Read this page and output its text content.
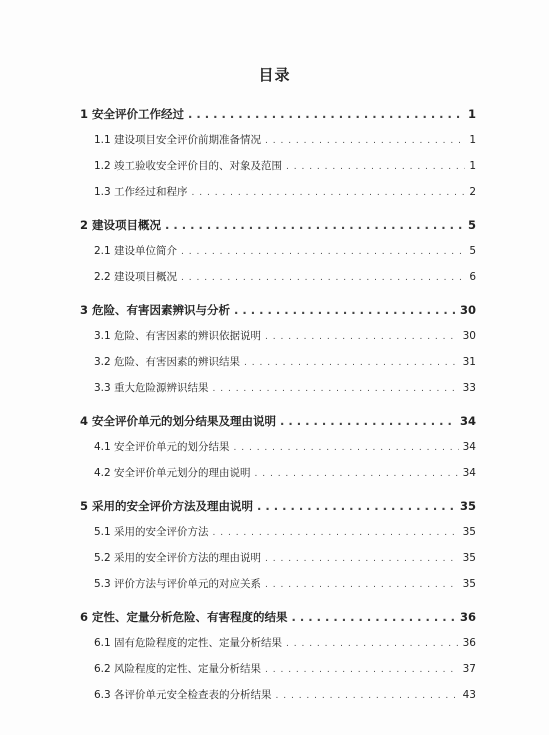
目录
1 安全评价工作经过 . . .	1
1.1 建设项目安全评价前期准备情况 . . .	1
1.2 竣工验收安全评价目的、对象及范围 . . .	1
1.3 工作经过和程序 . . .	2
2 建设项目概况 . . .	5
2.1 建设单位简介 . . .	5
2.2 建设项目概况 . . .	6
3 危险、有害因素辨识与分析 . . .	30
3.1 危险、有害因素的辨识依据说明 . . .	30
3.2 危险、有害因素的辨识结果 . . .	31
3.3 重大危险源辨识结果 . . .	33
4 安全评价单元的划分结果及理由说明 . . .	34
4.1 安全评价单元的划分结果 . . .	34
4.2 安全评价单元划分的理由说明 . . .	34
5 采用的安全评价方法及理由说明 . . .	35
5.1 采用的安全评价方法 . . .	35
5.2 采用的安全评价方法的理由说明 . . .	35
5.3 评价方法与评价单元的对应关系 . . .	35
6 定性、定量分析危险、有害程度的结果 . . .	36
6.1 固有危险程度的定性、定量分析结果 . . .	36
6.2 风险程度的定性、定量分析结果 . . .	37
6.3 各评价单元安全检查表的分析结果 . . .	43
